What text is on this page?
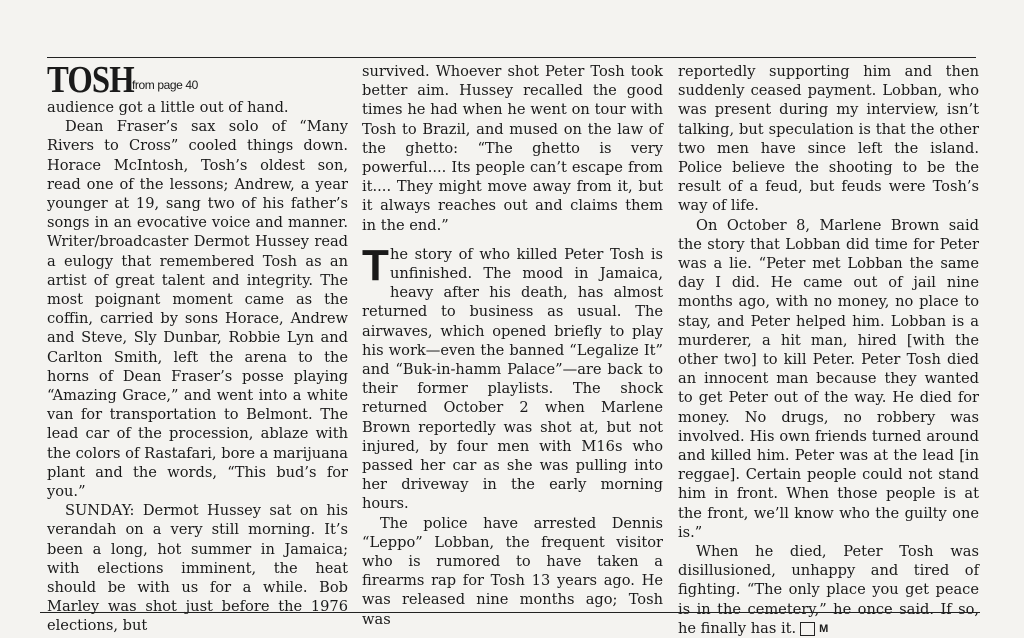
TOSH
from page 40

audience got a little out of hand.

Dean Fraser’s sax solo of “Many Rivers to Cross” cooled things down. Horace McIntosh, Tosh’s oldest son, read one of the lessons; Andrew, a year younger at 19, sang two of his father’s songs in an evocative voice and manner. Writer/broadcaster Dermot Hussey read a eulogy that remembered Tosh as an artist of great talent and integrity. The most poignant moment came as the coffin, carried by sons Horace, Andrew and Steve, Sly Dunbar, Robbie Lyn and Carlton Smith, left the arena to the horns of Dean Fraser’s posse playing “Amazing Grace,” and went into a white van for transportation to Belmont. The lead car of the procession, ablaze with the colors of Rastafari, bore a marijuana plant and the words, “This bud’s for you.”

SUNDAY: Dermot Hussey sat on his verandah on a very still morning. It’s been a long, hot summer in Jamaica; with elections imminent, the heat should be with us for a while. Bob Marley was shot just before the 1976 elections, but

survived. Whoever shot Peter Tosh took better aim. Hussey recalled the good times he had when he went on tour with Tosh to Brazil, and mused on the law of the ghetto: “The ghetto is very powerful.... Its people can’t escape from it.... They might move away from it, but it always reaches out and claims them in the end.”

The story of who killed Peter Tosh is unfinished. The mood in Jamaica, heavy after his death, has almost returned to business as usual. The airwaves, which opened briefly to play his work—even the banned “Legalize It” and “Buk-in-hamm Palace”—are back to their former playlists. The shock returned October 2 when Marlene Brown reportedly was shot at, but not injured, by four men with M16s who passed her car as she was pulling into her driveway in the early morning hours.

The police have arrested Dennis “Leppo” Lobban, the frequent visitor who is rumored to have taken a firearms rap for Tosh 13 years ago. He was released nine months ago; Tosh was

reportedly supporting him and then suddenly ceased payment. Lobban, who was present during my interview, isn’t talking, but speculation is that the other two men have since left the island. Police believe the shooting to be the result of a feud, but feuds were Tosh’s way of life.

On October 8, Marlene Brown said the story that Lobban did time for Peter was a lie. “Peter met Lobban the same day I did. He came out of jail nine months ago, with no money, no place to stay, and Peter helped him. Lobban is a murderer, a hit man, hired [with the other two] to kill Peter. Peter Tosh died an innocent man because they wanted to get Peter out of the way. He died for money. No drugs, no robbery was involved. His own friends turned around and killed him. Peter was at the lead [in reggae]. Certain people could not stand him in front. When those people is at the front, we’ll know who the guilty one is.”

When he died, Peter Tosh was disillusioned, unhappy and tired of fighting. “The only place you get peace is in the cemetery,” he once said. If so, he finally has it. M
